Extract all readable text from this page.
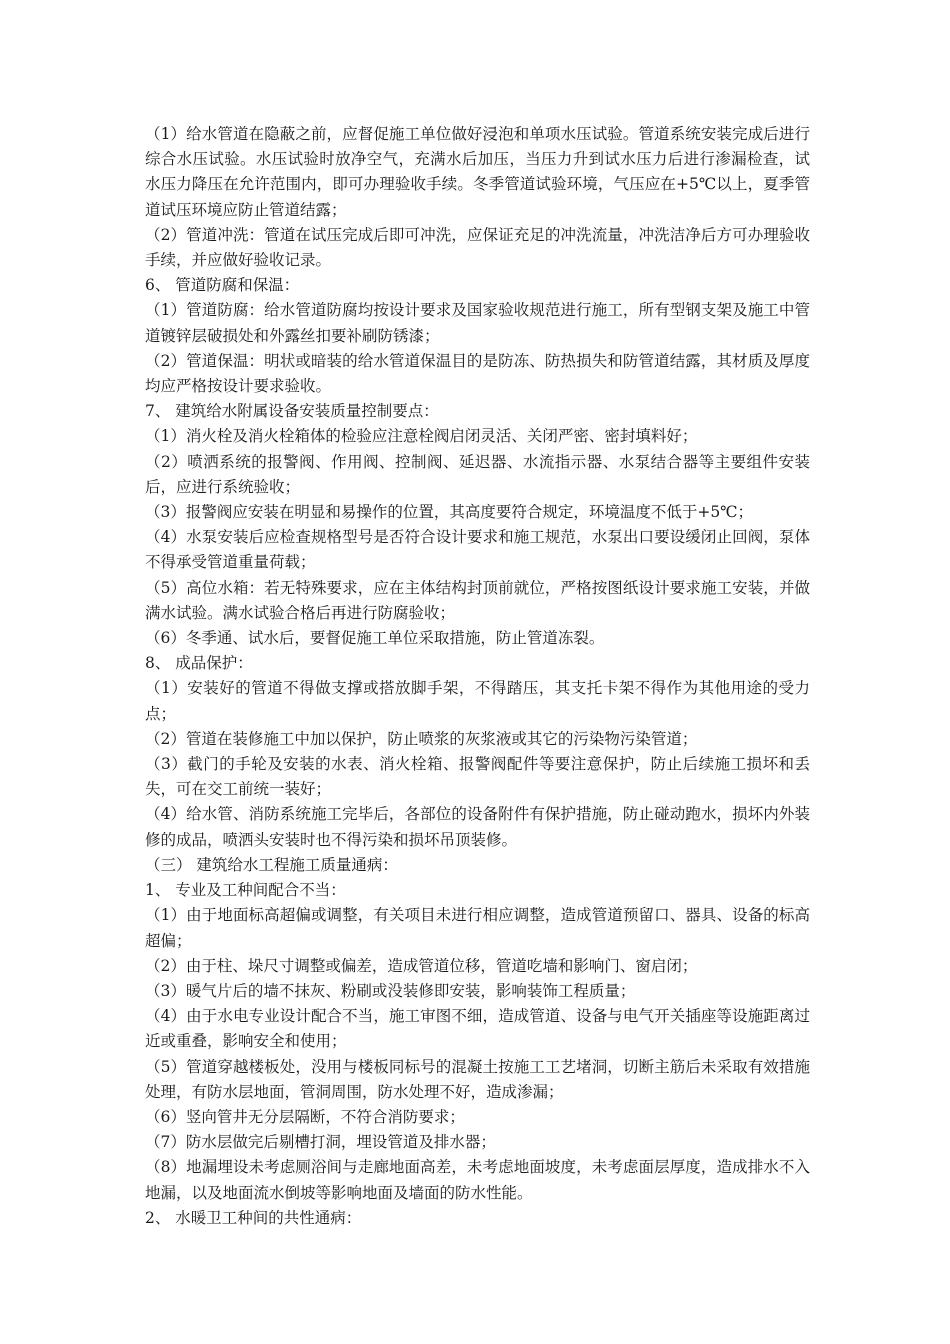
（1）给水管道在隐蔽之前，应督促施工单位做好浸泡和单项水压试验。管道系统安装完成后进行综合水压试验。水压试验时放净空气，充满水后加压，当压力升到试水压力后进行渗漏检查，试水压力降压在允许范围内，即可办理验收手续。冬季管道试验环境，气压应在+5℃以上，夏季管道试压环境应防止管道结露；

（2）管道冲洗：管道在试压完成后即可冲洗，应保证充足的冲洗流量，冲洗洁净后方可办理验收手续，并应做好验收记录。

6、 管道防腐和保温：

（1）管道防腐：给水管道防腐均按设计要求及国家验收规范进行施工，所有型钢支架及施工中管道镀锌层破损处和外露丝扣要补刷防锈漆；

（2）管道保温：明状或暗装的给水管道保温目的是防冻、防热损失和防管道结露，其材质及厚度均应严格按设计要求验收。

7、 建筑给水附属设备安装质量控制要点：

（1）消火栓及消火栓箱体的检验应注意栓阀启闭灵活、关闭严密、密封填料好；

（2）喷洒系统的报警阀、作用阀、控制阀、延迟器、水流指示器、水泵结合器等主要组件安装后，应进行系统验收；

（3）报警阀应安装在明显和易操作的位置，其高度要符合规定，环境温度不低于+5℃；

（4）水泵安装后应检查规格型号是否符合设计要求和施工规范，水泵出口要设缓闭止回阀，泵体不得承受管道重量荷载；

（5）高位水箱：若无特殊要求，应在主体结构封顶前就位，严格按图纸设计要求施工安装，并做满水试验。满水试验合格后再进行防腐验收；

（6）冬季通、试水后，要督促施工单位采取措施，防止管道冻裂。

8、 成品保护：

（1）安装好的管道不得做支撑或搭放脚手架，不得踏压，其支托卡架不得作为其他用途的受力点；

（2）管道在装修施工中加以保护，防止喷浆的灰浆液或其它的污染物污染管道；

（3）截门的手轮及安装的水表、消火栓箱、报警阀配件等要注意保护，防止后续施工损坏和丢失，可在交工前统一装好；

（4）给水管、消防系统施工完毕后，各部位的设备附件有保护措施，防止碰动跑水，损坏内外装修的成品，喷洒头安装时也不得污染和损坏吊顶装修。

（三） 建筑给水工程施工质量通病：

1、 专业及工种间配合不当：

（1）由于地面标高超偏或调整，有关项目未进行相应调整，造成管道预留口、器具、设备的标高超偏；

（2）由于柱、垛尺寸调整或偏差，造成管道位移，管道吃墙和影响门、窗启闭；

（3）暖气片后的墙不抹灰、粉刷或没装修即安装，影响装饰工程质量；

（4）由于水电专业设计配合不当，施工审图不细，造成管道、设备与电气开关插座等设施距离过近或重叠，影响安全和使用；

（5）管道穿越楼板处，没用与楼板同标号的混凝土按施工工艺堵洞，切断主筋后未采取有效措施处理，有防水层地面，管洞周围，防水处理不好，造成渗漏；

（6）竖向管井无分层隔断，不符合消防要求；

（7）防水层做完后剔槽打洞，埋设管道及排水器；

（8）地漏埋设未考虑厕浴间与走廊地面高差，未考虑地面坡度，未考虑面层厚度，造成排水不入地漏，以及地面流水倒坡等影响地面及墙面的防水性能。

2、 水暖卫工种间的共性通病：
